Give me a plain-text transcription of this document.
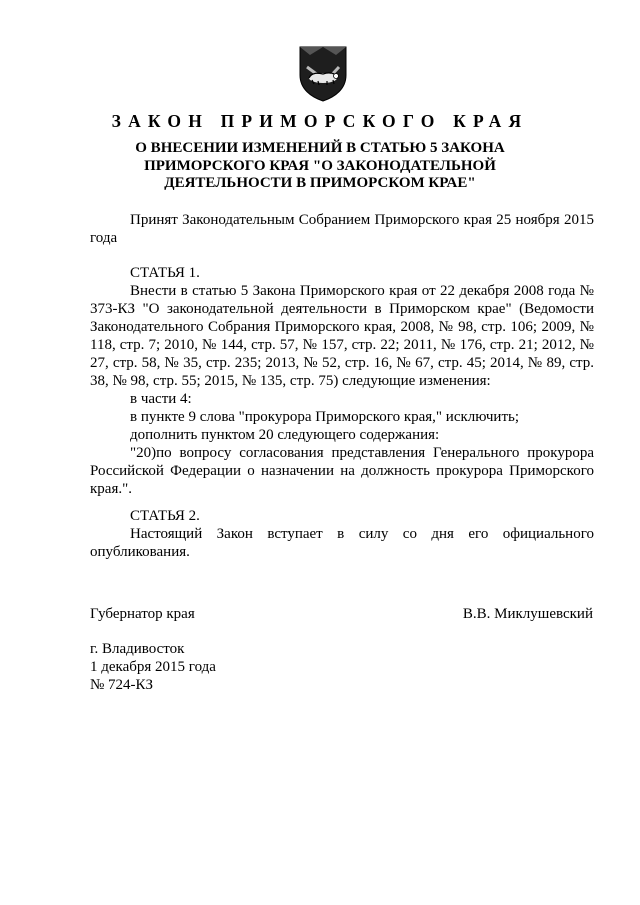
ЗАКОН ПРИМОРСКОГО КРАЯ
О ВНЕСЕНИИ ИЗМЕНЕНИЙ В СТАТЬЮ 5 ЗАКОНА
ПРИМОРСКОГО КРАЯ "О ЗАКОНОДАТЕЛЬНОЙ
ДЕЯТЕЛЬНОСТИ В ПРИМОРСКОМ КРАЕ"
Принят Законодательным Собранием Приморского края 25 ноября 2015 года
СТАТЬЯ 1.
Внести в статью 5 Закона Приморского края от 22 декабря 2008 года № 373-КЗ "О законодательной деятельности в Приморском крае" (Ведомости Законодательного Собрания Приморского края, 2008, № 98, стр. 106; 2009, № 118, стр. 7; 2010, № 144, стр. 57, № 157, стр. 22; 2011, № 176, стр. 21; 2012, № 27, стр. 58, № 35, стр. 235; 2013, № 52, стр. 16, № 67, стр. 45; 2014, № 89, стр. 38, № 98, стр. 55; 2015, № 135, стр. 75) следующие изменения:
в части 4:
в пункте 9 слова "прокурора Приморского края," исключить;
дополнить пунктом 20 следующего содержания:
"20)по вопросу согласования представления Генерального прокурора Российской Федерации о назначении на должность прокурора Приморского края.".
СТАТЬЯ 2.
Настоящий Закон вступает в силу со дня его официального опубликования.
Губернатор края	В.В. Миклушевский
г. Владивосток
1 декабря 2015 года
№ 724-КЗ
